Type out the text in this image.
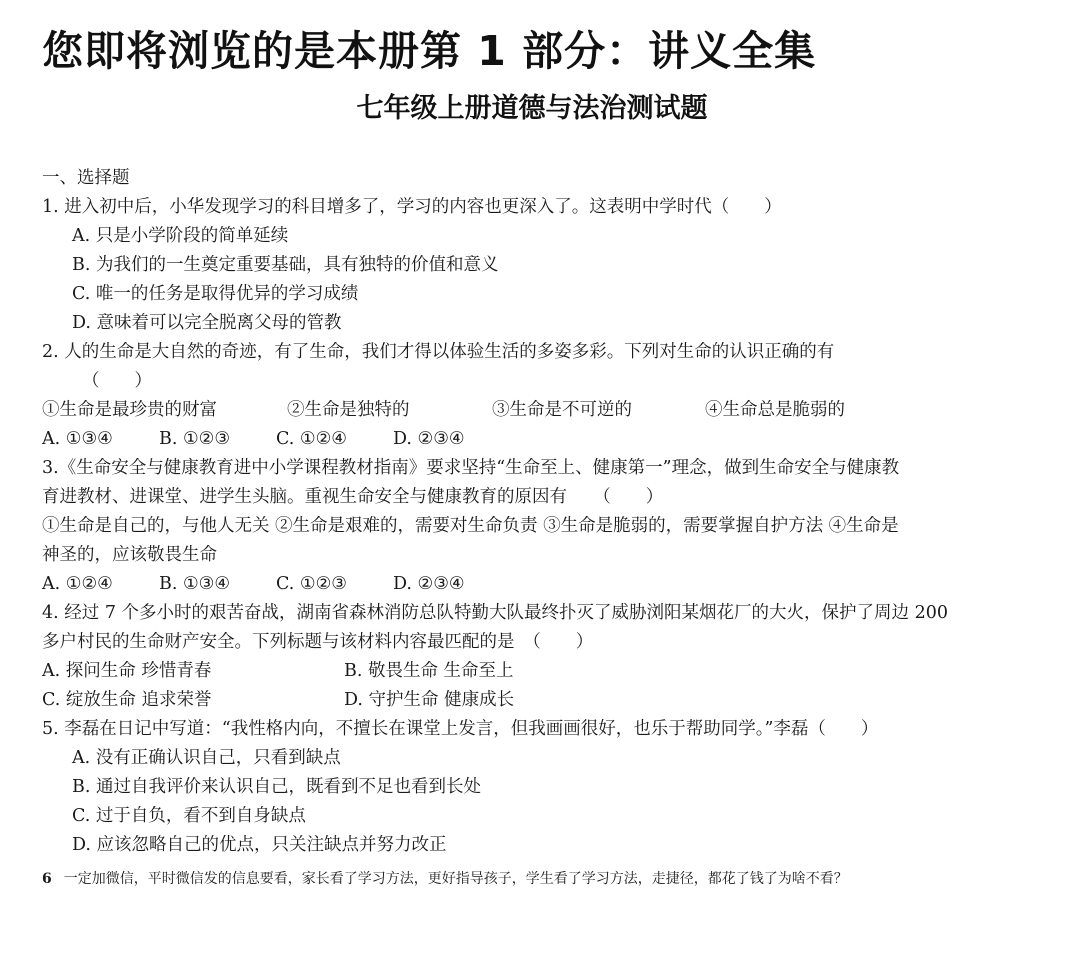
您即将浏览的是本册第 1 部分：讲义全集
七年级上册道德与法治测试题
一、选择题
1. 进入初中后，小华发现学习的科目增多了，学习的内容也更深入了。这表明中学时代（　　）
A. 只是小学阶段的简单延续
B. 为我们的一生奠定重要基础，具有独特的价值和意义
C. 唯一的任务是取得优异的学习成绩
D. 意味着可以完全脱离父母的管教
2. 人的生命是大自然的奇迹，有了生命，我们才得以体验生活的多姿多彩。下列对生命的认识正确的有
（　　）
①生命是最珍贵的财富	②生命是独特的	③生命是不可逆的	④生命总是脆弱的
A. ①③④	B. ①②③	C. ①②④	D. ②③④
3.《生命安全与健康教育进中小学课程教材指南》要求坚持“生命至上、健康第一”理念，做到生命安全与健康教
育进教材、进课堂、进学生头脑。重视生命安全与健康教育的原因有　　（　　）
①生命是自己的，与他人无关 ②生命是艰难的，需要对生命负责 ③生命是脆弱的，需要掌握自护方法 ④生命是
神圣的，应该敬畏生命
A. ①②④	B. ①③④	C. ①②③	D. ②③④
4. 经过 7 个多小时的艰苦奋战，湖南省森林消防总队特勤大队最终扑灭了威胁浏阳某烟花厂的大火，保护了周边 200
多户村民的生命财产安全。下列标题与该材料内容最匹配的是　（　　）
A. 探问生命 珍惜青春	B. 敬畏生命 生命至上
C. 绽放生命 追求荣誉	D. 守护生命 健康成长
5. 李磊在日记中写道：“我性格内向，不擅长在课堂上发言，但我画画很好，也乐于帮助同学。”李磊（　　）
A. 没有正确认识自己，只看到缺点
B. 通过自我评价来认识自己，既看到不足也看到长处
C. 过于自负，看不到自身缺点
D. 应该忽略自己的优点，只关注缺点并努力改正
6 一定加微信，平时微信发的信息要看，家长看了学习方法，更好指导孩子，学生看了学习方法，走捷径，都花了钱了为啥不看？
